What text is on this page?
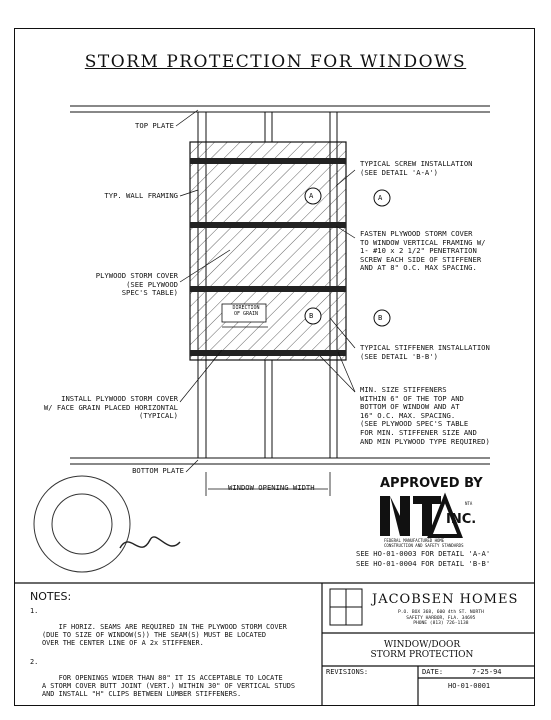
STORM PROTECTION FOR WINDOWS
TOP PLATE
TYP. WALL FRAMING
PLYWOOD STORM COVER
(SEE PLYWOOD
SPEC'S TABLE)
INSTALL PLYWOOD STORM COVER
W/ FACE GRAIN PLACED HORIZONTAL
(TYPICAL)
BOTTOM PLATE
WINDOW OPENING WIDTH
TYPICAL SCREW INSTALLATION
(SEE DETAIL 'A-A')
FASTEN PLYWOOD STORM COVER
TO WINDOW VERTICAL FRAMING W/
1- #10 x 2 1/2" PENETRATION
SCREW EACH SIDE OF STIFFENER
AND AT 8" O.C. MAX SPACING.
TYPICAL STIFFENER INSTALLATION
(SEE DETAIL 'B-B')
MIN. SIZE STIFFENERS
WITHIN 6" OF THE TOP AND
BOTTOM OF WINDOW AND AT
16" O.C. MAX. SPACING.
(SEE PLYWOOD SPEC'S TABLE
FOR MIN. STIFFENER SIZE AND
AND MIN PLYWOOD TYPE REQUIRED)
DIRECTION
OF GRAIN
A	A
B	B
APPROVED BY
INC.
FEDERAL MANUFACTURED HOME
CONSTRUCTION AND SAFETY STANDARDS
NTA
SEE HO-01-0003 FOR DETAIL 'A-A'
SEE HO-01-0004 FOR DETAIL 'B-B'
NOTES:

1.

IF HORIZ. SEAMS ARE REQUIRED IN THE PLYWOOD STORM COVER
(DUE TO SIZE OF WINDOW(S)) THE SEAM(S) MUST BE LOCATED
OVER THE CENTER LINE OF A 2x STIFFENER.

2.

FOR OPENINGS WIDER THAN 80" IT IS ACCEPTABLE TO LOCATE
A STORM COVER BUTT JOINT (VERT.) WITHIN 30" OF VERTICAL STUDS
AND INSTALL "H" CLIPS BETWEEN LUMBER STIFFENERS.

JACOBSEN HOMES
P.O. BOX 368, 600 4th ST. NORTH
SAFETY HARBOR, FLA. 34695
PHONE (813) 726-1138
WINDOW/DOOR
STORM PROTECTION
REVISIONS:	DATE:	7-25-94
HO-01-0001
